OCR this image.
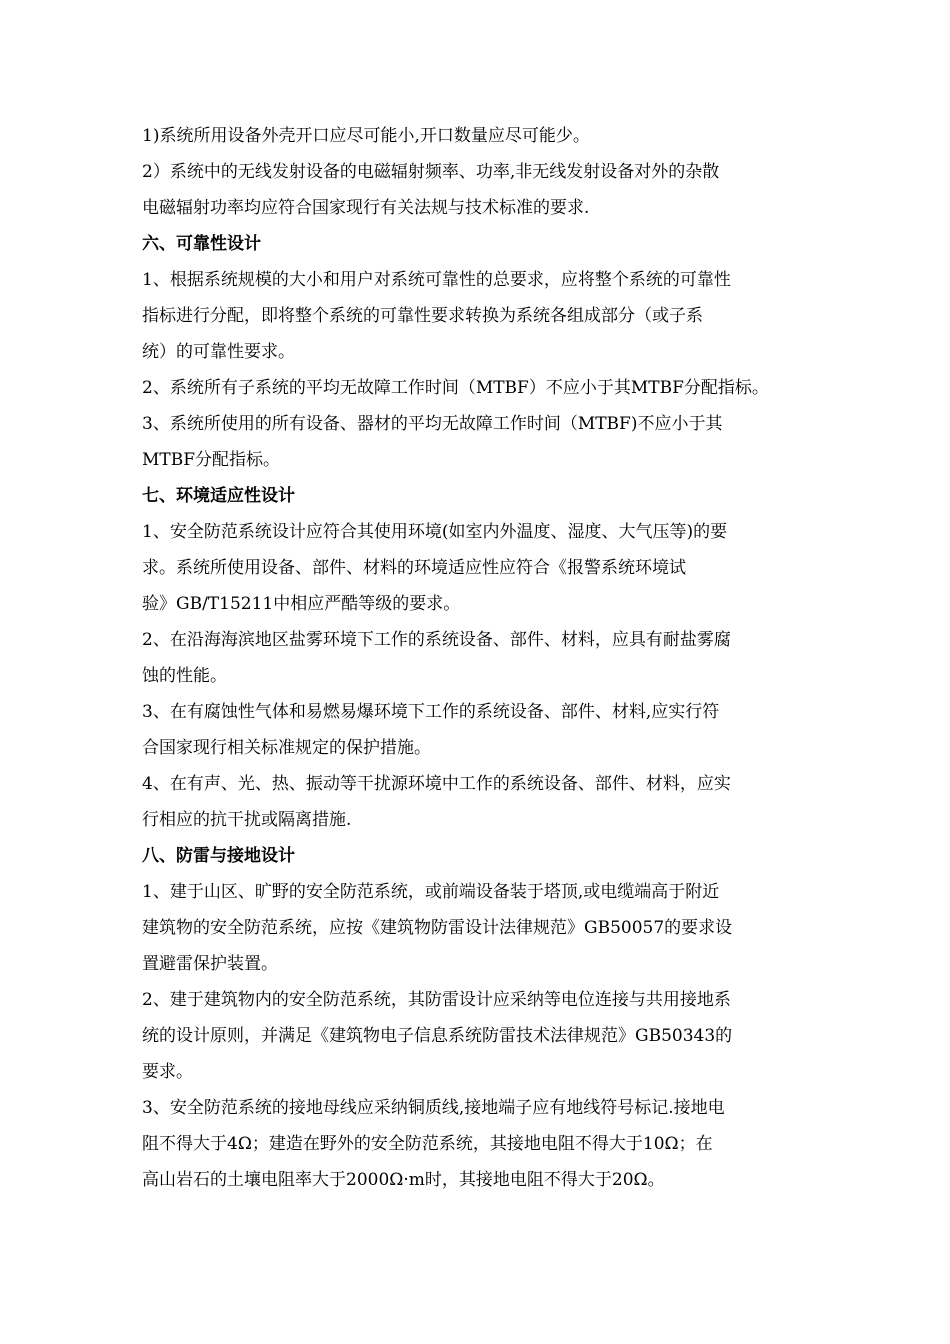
1)系统所用设备外壳开口应尽可能小,开口数量应尽可能少。
2）系统中的无线发射设备的电磁辐射频率、功率,非无线发射设备对外的杂散
电磁辐射功率均应符合国家现行有关法规与技术标准的要求.
六、可靠性设计
1、根据系统规模的大小和用户对系统可靠性的总要求，应将整个系统的可靠性
指标进行分配，即将整个系统的可靠性要求转换为系统各组成部分（或子系
统）的可靠性要求。
2、系统所有子系统的平均无故障工作时间（MTBF）不应小于其MTBF分配指标。
3、系统所使用的所有设备、器材的平均无故障工作时间（MTBF)不应小于其
MTBF分配指标。
七、环境适应性设计
1、安全防范系统设计应符合其使用环境(如室内外温度、湿度、大气压等)的要
求。系统所使用设备、部件、材料的环境适应性应符合《报警系统环境试
验》GB/T15211中相应严酷等级的要求。
2、在沿海海滨地区盐雾环境下工作的系统设备、部件、材料，应具有耐盐雾腐
蚀的性能。
3、在有腐蚀性气体和易燃易爆环境下工作的系统设备、部件、材料,应实行符
合国家现行相关标准规定的保护措施。
4、在有声、光、热、振动等干扰源环境中工作的系统设备、部件、材料，应实
行相应的抗干扰或隔离措施.
八、防雷与接地设计
1、建于山区、旷野的安全防范系统，或前端设备装于塔顶,或电缆端高于附近
建筑物的安全防范系统，应按《建筑物防雷设计法律规范》GB50057的要求设
置避雷保护装置。
2、建于建筑物内的安全防范系统，其防雷设计应采纳等电位连接与共用接地系
统的设计原则，并满足《建筑物电子信息系统防雷技术法律规范》GB50343的
要求。
3、安全防范系统的接地母线应采纳铜质线,接地端子应有地线符号标记.接地电
阻不得大于4Ω；建造在野外的安全防范系统，其接地电阻不得大于10Ω；在
高山岩石的土壤电阻率大于2000Ω·m时，其接地电阻不得大于20Ω。
